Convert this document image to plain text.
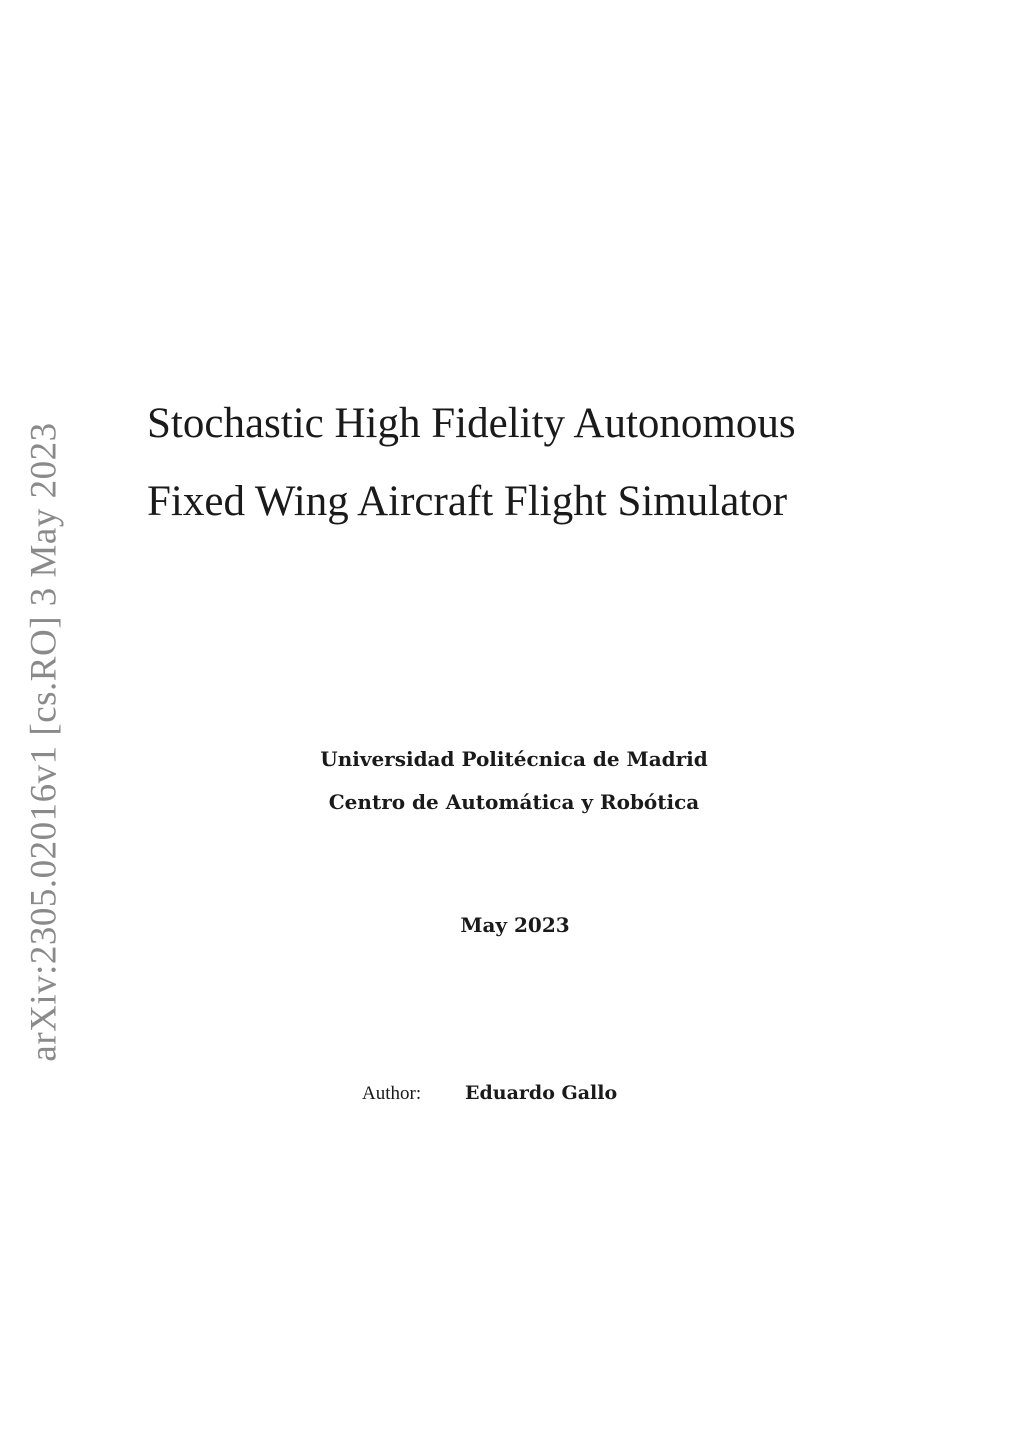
arXiv:2305.02016v1 [cs.RO] 3 May 2023 Stochastic High Fidelity Autonomous
Fixed Wing Aircraft Flight Simulator
Universidad Politécnica de Madrid
Centro de Automática y Robótica
May 2023
Author:	Eduardo Gallo
